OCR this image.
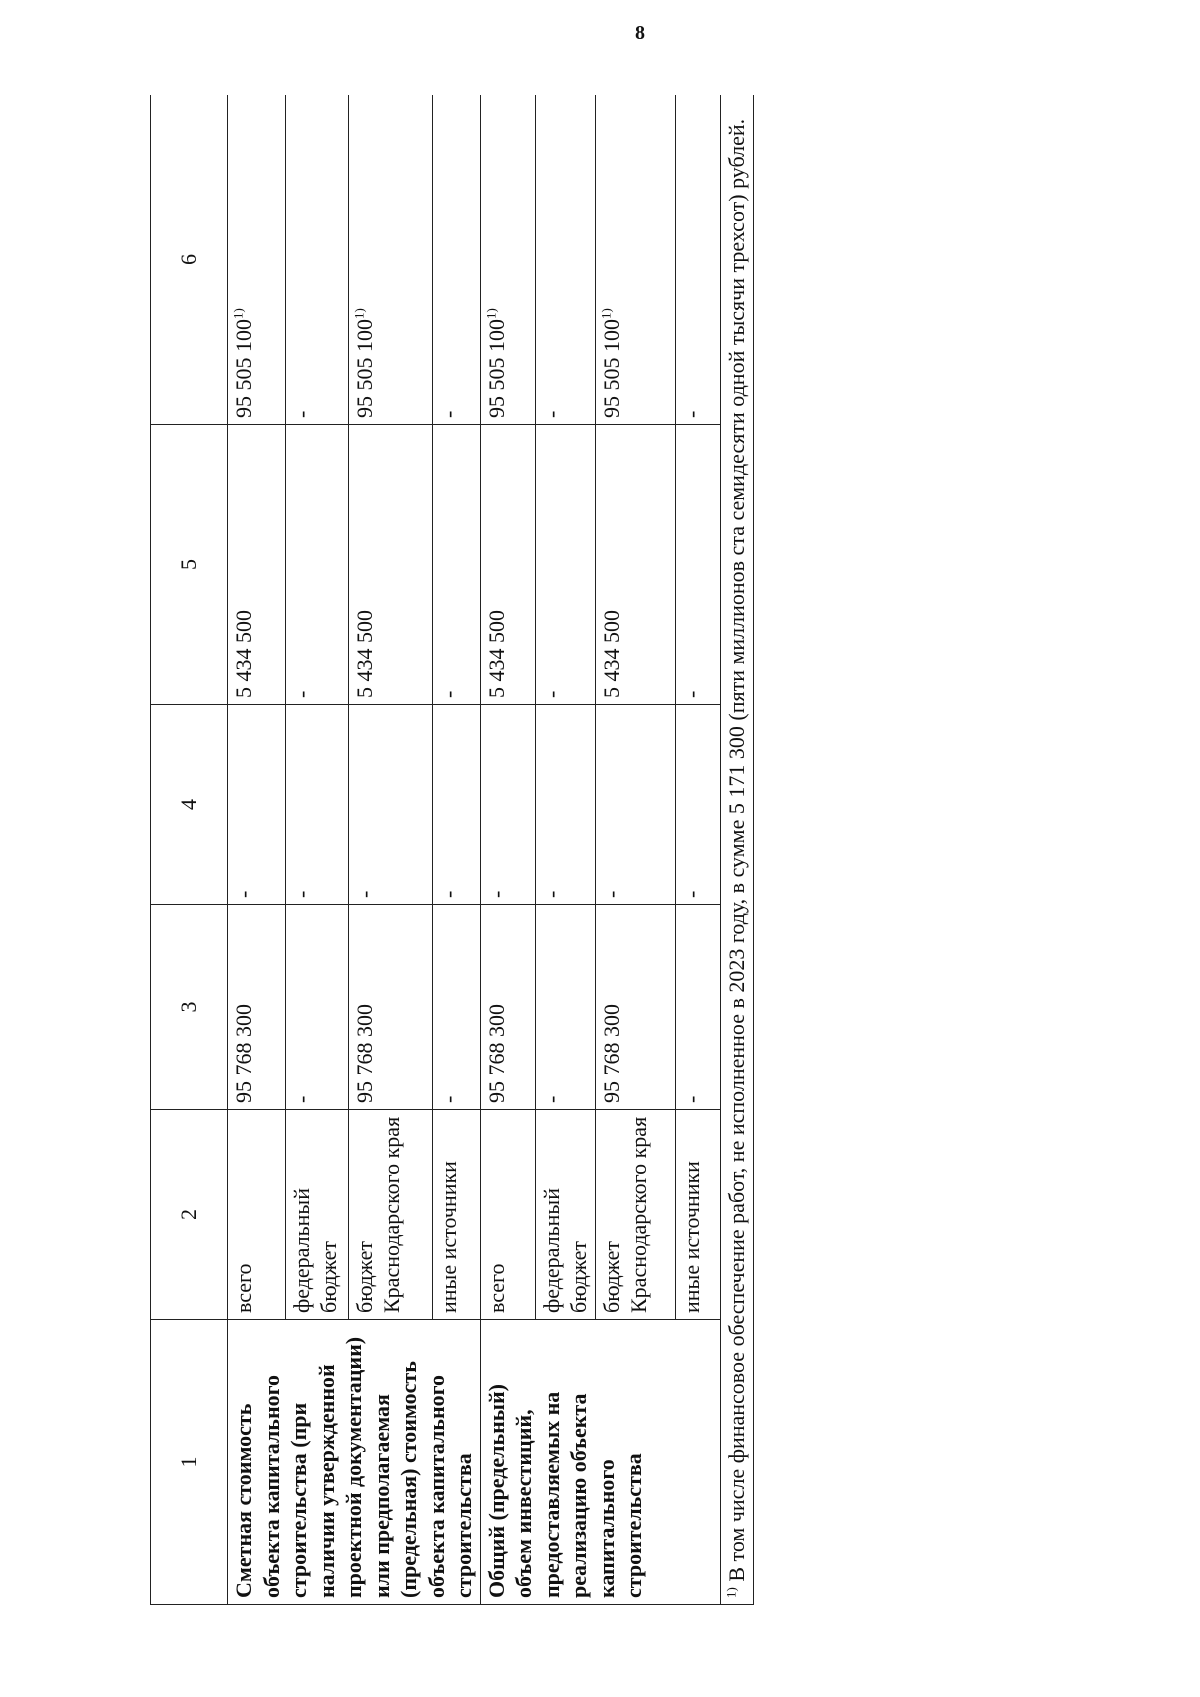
8
1	2	3	4	5	6
Сметная стоимость объекта капитального строительства (при наличии утвержденной проектной документации) или предполагаемая (предельная) стоимость объекта капитального строительства	всего	95 768 300	-	5 434 500	95 505 100$^{1)}$
	федеральный бюджет	-	-	-	-
	бюджет Краснодарского края	95 768 300	-	5 434 500	95 505 100$^{1)}$
	иные источники	-	-	-	-
Общий (предельный) объем инвестиций, предоставляемых на реализацию объекта капитального строительства	всего	95 768 300	-	5 434 500	95 505 100$^{1)}$
	федеральный бюджет	-	-	-	-
	бюджет Краснодарского края	95 768 300	-	5 434 500	95 505 100$^{1)}$
	иные источники	-	-	-	-
$^{1)}$ В том числе финансовое обеспечение работ, не исполненное в 2023 году, в сумме 5 171 300 (пяти миллионов ста семидесяти одной тысячи трехсот) рублей.					
